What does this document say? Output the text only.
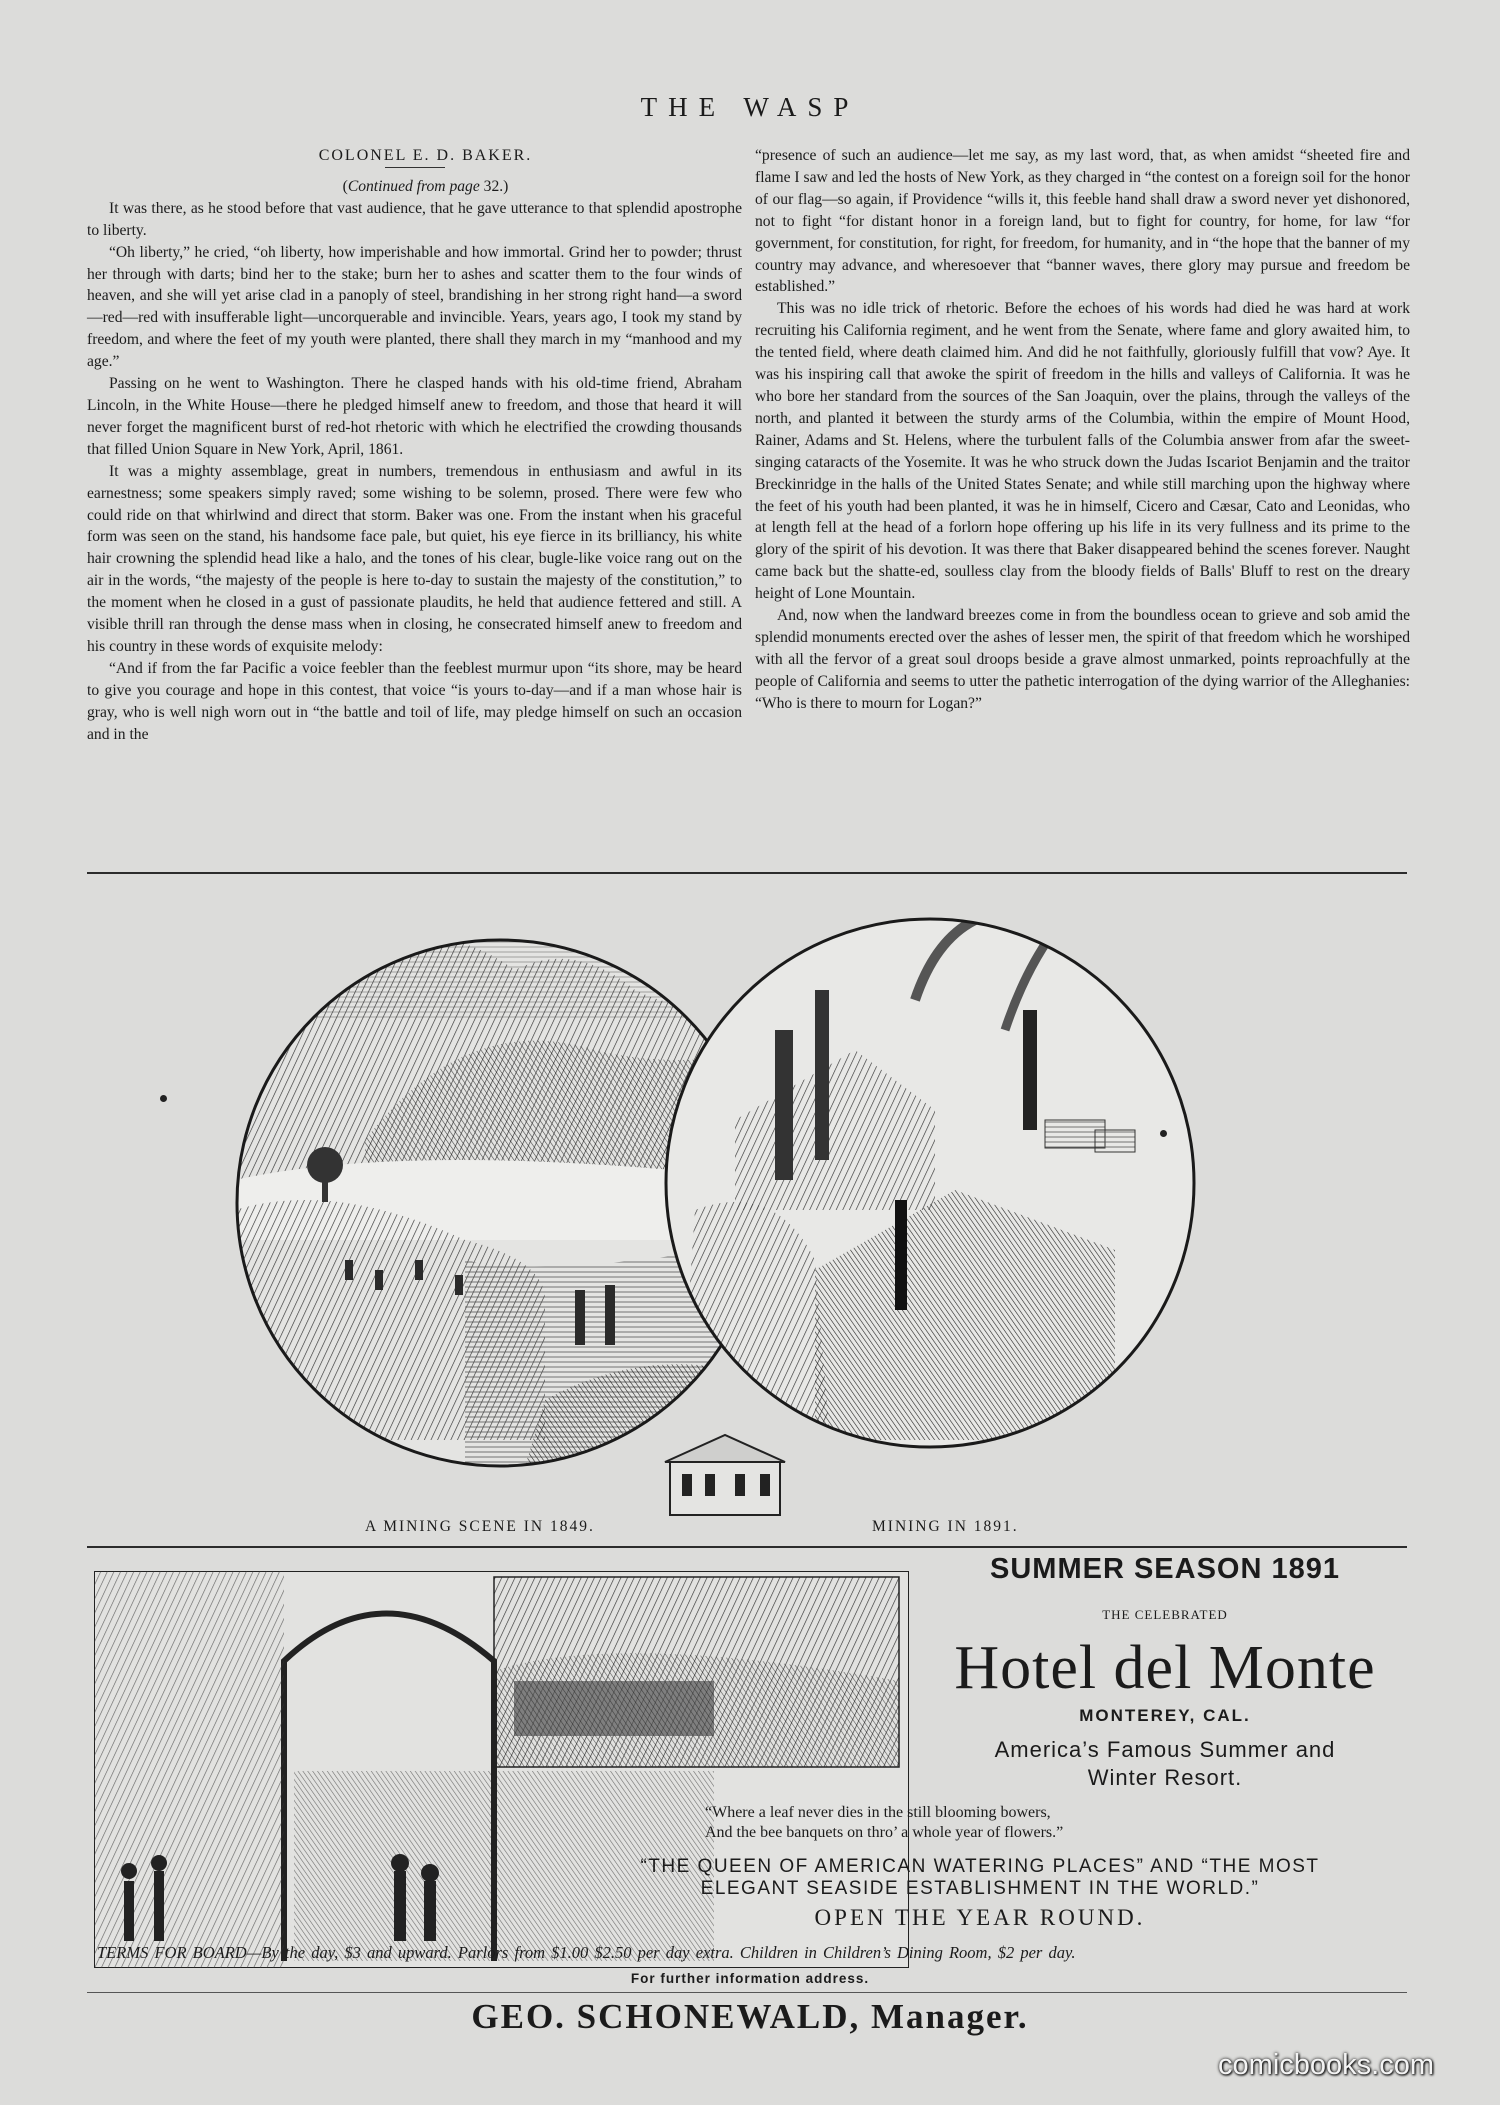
THE WASP

COLONEL E. D. BAKER.

(Continued from page 32.)

It was there, as he stood before that vast audience, that he gave utterance to that splendid apostrophe to liberty.

“Oh liberty,” he cried, “oh liberty, how imperishable and how immortal. Grind her to powder; thrust her through with darts; bind her to the stake; burn her to ashes and scatter them to the four winds of heaven, and she will yet arise clad in a panoply of steel, brandishing in her strong right hand—a sword—red—red with insufferable light—uncorquerable and invincible. Years, years ago, I took my stand by freedom, and where the feet of my youth were planted, there shall they march in my “manhood and my age.”

Passing on he went to Washington. There he clasped hands with his old-time friend, Abraham Lincoln, in the White House—there he pledged himself anew to freedom, and those that heard it will never forget the magnificent burst of red-hot rhetoric with which he electrified the crowding thousands that filled Union Square in New York, April, 1861.

It was a mighty assemblage, great in numbers, tremendous in enthusiasm and awful in its earnestness; some speakers simply raved; some wishing to be solemn, prosed. There were few who could ride on that whirlwind and direct that storm. Baker was one. From the instant when his graceful form was seen on the stand, his handsome face pale, but quiet, his eye fierce in its brilliancy, his white hair crowning the splendid head like a halo, and the tones of his clear, bugle-like voice rang out on the air in the words, “the majesty of the people is here to-day to sustain the majesty of the constitution,” to the moment when he closed in a gust of passionate plaudits, he held that audience fettered and still. A visible thrill ran through the dense mass when in closing, he consecrated himself anew to freedom and his country in these words of exquisite melody:

“And if from the far Pacific a voice feebler than the feeblest murmur upon “its shore, may be heard to give you courage and hope in this contest, that voice “is yours to-day—and if a man whose hair is gray, who is well nigh worn out in “the battle and toil of life, may pledge himself on such an occasion and in the

“presence of such an audience—let me say, as my last word, that, as when amidst “sheeted fire and flame I saw and led the hosts of New York, as they charged in “the contest on a foreign soil for the honor of our flag—so again, if Providence “wills it, this feeble hand shall draw a sword never yet dishonored, not to fight “for distant honor in a foreign land, but to fight for country, for home, for law “for government, for constitution, for right, for freedom, for humanity, and in “the hope that the banner of my country may advance, and wheresoever that “banner waves, there glory may pursue and freedom be established.”

This was no idle trick of rhetoric. Before the echoes of his words had died he was hard at work recruiting his California regiment, and he went from the Senate, where fame and glory awaited him, to the tented field, where death claimed him. And did he not faithfully, gloriously fulfill that vow? Aye. It was his inspiring call that awoke the spirit of freedom in the hills and valleys of California. It was he who bore her standard from the sources of the San Joaquin, over the plains, through the valleys of the north, and planted it between the sturdy arms of the Columbia, within the empire of Mount Hood, Rainer, Adams and St. Helens, where the turbulent falls of the Columbia answer from afar the sweet-singing cataracts of the Yosemite. It was he who struck down the Judas Iscariot Benjamin and the traitor Breckinridge in the halls of the United States Senate; and while still marching upon the highway where the feet of his youth had been planted, it was he in himself, Cicero and Cæsar, Cato and Leonidas, who at length fell at the head of a forlorn hope offering up his life in its very fullness and its prime to the glory of the spirit of his devotion. It was there that Baker disappeared behind the scenes forever. Naught came back but the shatte-ed, soulless clay from the bloody fields of Balls' Bluff to rest on the dreary height of Lone Mountain.

And, now when the landward breezes come in from the boundless ocean to grieve and sob amid the splendid monuments erected over the ashes of lesser men, the spirit of that freedom which he worshiped with all the fervor of a great soul droops beside a grave almost unmarked, points reproachfully at the people of California and seems to utter the pathetic interrogation of the dying warrior of the Alleghanies: “Who is there to mourn for Logan?”

A MINING SCENE IN 1849.	MINING IN 1891.
SUMMER SEASON 1891
THE CELEBRATED
Hotel del Monte
MONTEREY, CAL.
America’s Famous Summer and
Winter Resort.
“Where a leaf never dies in the still blooming bowers,
And the bee banquets on thro’ a whole year of flowers.”
“THE QUEEN OF AMERICAN WATERING PLACES” AND “THE MOST
ELEGANT SEASIDE ESTABLISHMENT IN THE WORLD.”
OPEN THE YEAR ROUND.
TERMS FOR BOARD—By the day, $3 and upward. Parlors from $1.00 $2.50 per day extra. Children in Children’s Dining Room, $2 per day.
For further information address.
GEO. SCHONEWALD, Manager.
comicbooks.com
